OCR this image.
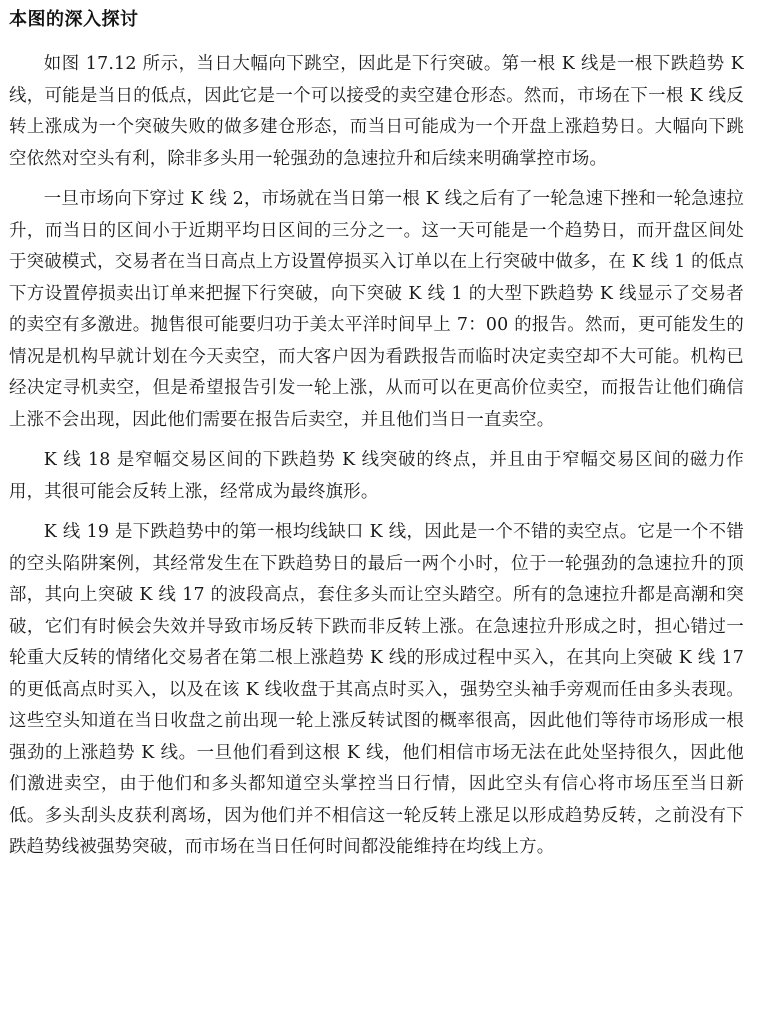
本图的深入探讨

如图 17.12 所示，当日大幅向下跳空，因此是下行突破。第一根 K 线是一根下跌趋势 K 线，可能是当日的低点，因此它是一个可以接受的卖空建仓形态。然而，市场在下一根 K 线反转上涨成为一个突破失败的做多建仓形态，而当日可能成为一个开盘上涨趋势日。大幅向下跳空依然对空头有利，除非多头用一轮强劲的急速拉升和后续来明确掌控市场。

一旦市场向下穿过 K 线 2，市场就在当日第一根 K 线之后有了一轮急速下挫和一轮急速拉升，而当日的区间小于近期平均日区间的三分之一。这一天可能是一个趋势日，而开盘区间处于突破模式，交易者在当日高点上方设置停损买入订单以在上行突破中做多，在 K 线 1 的低点下方设置停损卖出订单来把握下行突破，向下突破 K 线 1 的大型下跌趋势 K 线显示了交易者的卖空有多激进。抛售很可能要归功于美太平洋时间早上 7：00 的报告。然而，更可能发生的情况是机构早就计划在今天卖空，而大客户因为看跌报告而临时决定卖空却不大可能。机构已经决定寻机卖空，但是希望报告引发一轮上涨，从而可以在更高价位卖空，而报告让他们确信上涨不会出现，因此他们需要在报告后卖空，并且他们当日一直卖空。

K 线 18 是窄幅交易区间的下跌趋势 K 线突破的终点，并且由于窄幅交易区间的磁力作用，其很可能会反转上涨，经常成为最终旗形。

K 线 19 是下跌趋势中的第一根均线缺口 K 线，因此是一个不错的卖空点。它是一个不错的空头陷阱案例，其经常发生在下跌趋势日的最后一两个小时，位于一轮强劲的急速拉升的顶部，其向上突破 K 线 17 的波段高点，套住多头而让空头踏空。所有的急速拉升都是高潮和突破，它们有时候会失效并导致市场反转下跌而非反转上涨。在急速拉升形成之时，担心错过一轮重大反转的情绪化交易者在第二根上涨趋势 K 线的形成过程中买入，在其向上突破 K 线 17 的更低高点时买入，以及在该 K 线收盘于其高点时买入，强势空头袖手旁观而任由多头表现。这些空头知道在当日收盘之前出现一轮上涨反转试图的概率很高，因此他们等待市场形成一根强劲的上涨趋势 K 线。一旦他们看到这根 K 线，他们相信市场无法在此处坚持很久，因此他们激进卖空，由于他们和多头都知道空头掌控当日行情，因此空头有信心将市场压至当日新低。多头刮头皮获利离场，因为他们并不相信这一轮反转上涨足以形成趋势反转，之前没有下跌趋势线被强势突破，而市场在当日任何时间都没能维持在均线上方。
